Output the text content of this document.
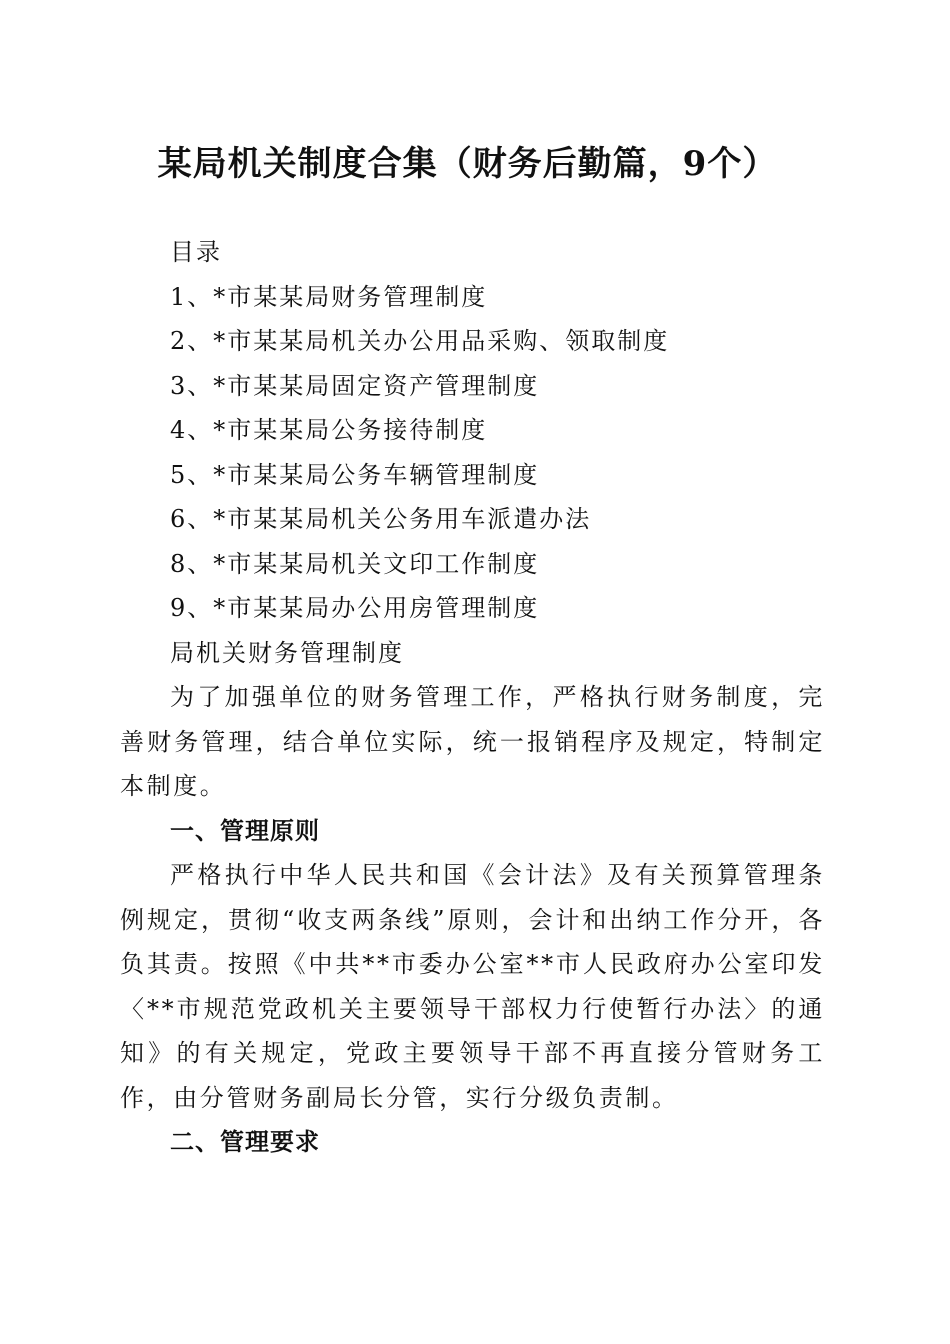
某局机关制度合集（财务后勤篇，9个）
目录
1、*市某某局财务管理制度
2、*市某某局机关办公用品采购、领取制度
3、*市某某局固定资产管理制度
4、*市某某局公务接待制度
5、*市某某局公务车辆管理制度
6、*市某某局机关公务用车派遣办法
8、*市某某局机关文印工作制度
9、*市某某局办公用房管理制度
局机关财务管理制度
为了加强单位的财务管理工作，严格执行财务制度，完善财务管理，结合单位实际，统一报销程序及规定，特制定本制度。
一、管理原则
严格执行中华人民共和国《会计法》及有关预算管理条例规定，贯彻“收支两条线”原则，会计和出纳工作分开，各负其责。按照《中共**市委办公室**市人民政府办公室印发〈**市规范党政机关主要领导干部权力行使暂行办法〉的通知》的有关规定，党政主要领导干部不再直接分管财务工作，由分管财务副局长分管，实行分级负责制。
二、管理要求
